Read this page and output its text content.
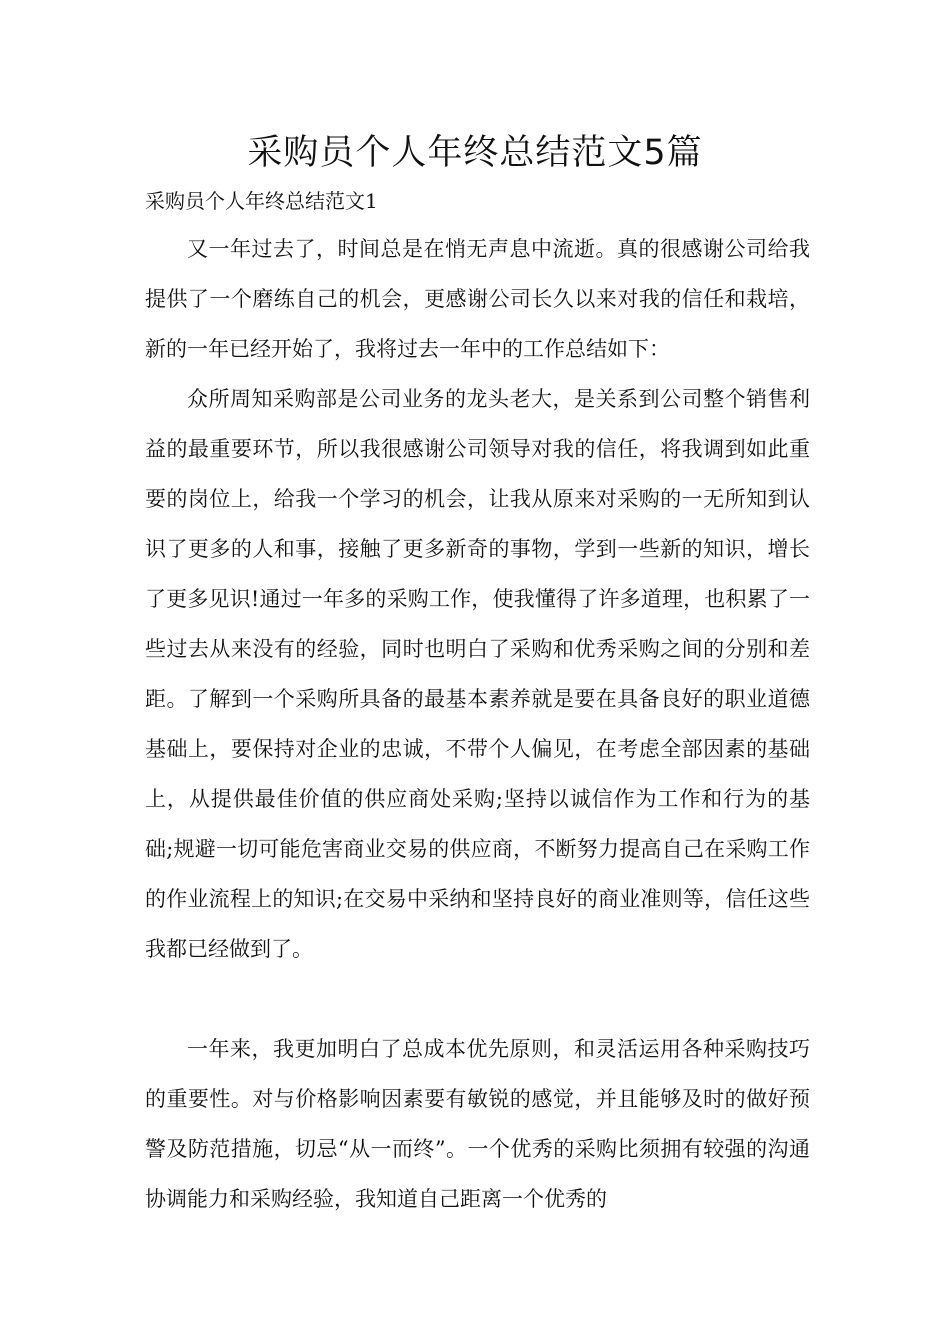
采购员个人年终总结范文5篇

采购员个人年终总结范文1

又一年过去了，时间总是在悄无声息中流逝。真的很感谢公司给我提供了一个磨练自己的机会，更感谢公司长久以来对我的信任和栽培，新的一年已经开始了，我将过去一年中的工作总结如下：

众所周知采购部是公司业务的龙头老大，是关系到公司整个销售利益的最重要环节，所以我很感谢公司领导对我的信任，将我调到如此重要的岗位上，给我一个学习的机会，让我从原来对采购的一无所知到认识了更多的人和事，接触了更多新奇的事物，学到一些新的知识，增长了更多见识!通过一年多的采购工作，使我懂得了许多道理，也积累了一些过去从来没有的经验，同时也明白了采购和优秀采购之间的分别和差距。了解到一个采购所具备的最基本素养就是要在具备良好的职业道德基础上，要保持对企业的忠诚，不带个人偏见，在考虑全部因素的基础上，从提供最佳价值的供应商处采购;坚持以诚信作为工作和行为的基础;规避一切可能危害商业交易的供应商，不断努力提高自己在采购工作的作业流程上的知识;在交易中采纳和坚持良好的商业准则等，信任这些我都已经做到了。

一年来，我更加明白了总成本优先原则，和灵活运用各种采购技巧的重要性。对与价格影响因素要有敏锐的感觉，并且能够及时的做好预警及防范措施，切忌“从一而终”。一个优秀的采购比须拥有较强的沟通协调能力和采购经验，我知道自己距离一个优秀的
